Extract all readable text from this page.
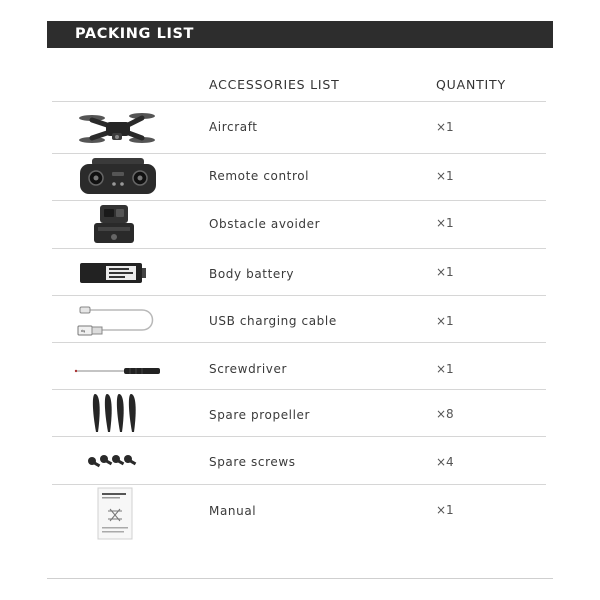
PACKING LIST
ACCESSORIES LIST	QUANTITY
Aircraft	×1
Remote control	×1
Obstacle avoider	×1
Body battery	×1
⇆
USB charging cable	×1
Screwdriver	×1
Spare propeller	×8
Spare screws	×4
Manual	×1
